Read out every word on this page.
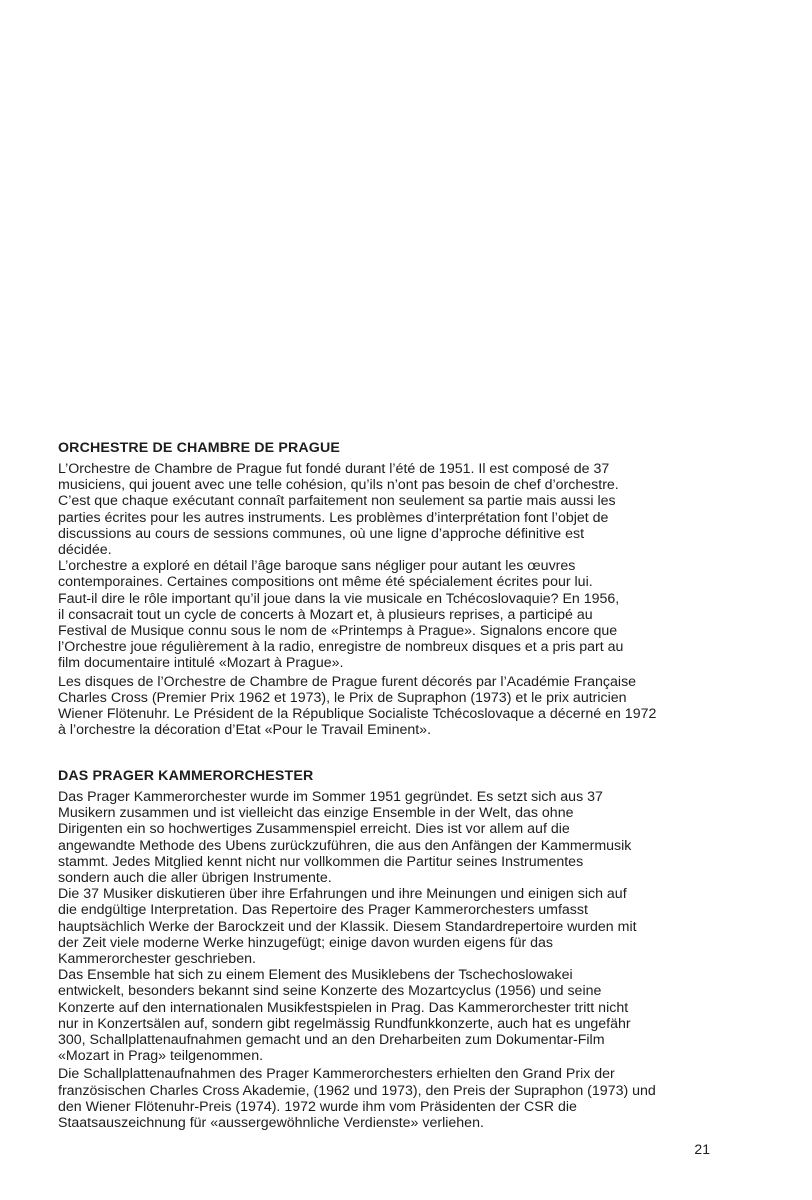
ORCHESTRE DE CHAMBRE DE PRAGUE

L’Orchestre de Chambre de Prague fut fondé durant l’été de 1951. Il est composé de 37
musiciens, qui jouent avec une telle cohésion, qu’ils n’ont pas besoin de chef d’orchestre.
C’est que chaque exécutant connaît parfaitement non seulement sa partie mais aussi les
parties écrites pour les autres instruments. Les problèmes d’interprétation font l’objet de
discussions au cours de sessions communes, où une ligne d’approche définitive est
décidée.
L’orchestre a exploré en détail l’âge baroque sans négliger pour autant les œuvres
contemporaines. Certaines compositions ont même été spécialement écrites pour lui.
Faut-il dire le rôle important qu’il joue dans la vie musicale en Tchécoslovaquie? En 1956,
il consacrait tout un cycle de concerts à Mozart et, à plusieurs reprises, a participé au
Festival de Musique connu sous le nom de «Printemps à Prague». Signalons encore que
l’Orchestre joue régulièrement à la radio, enregistre de nombreux disques et a pris part au
film documentaire intitulé «Mozart à Prague».

Les disques de l’Orchestre de Chambre de Prague furent décorés par l’Académie Française
Charles Cross (Premier Prix 1962 et 1973), le Prix de Supraphon (1973) et le prix autricien
Wiener Flötenuhr. Le Président de la République Socialiste Tchécoslovaque a décerné en 1972
à l’orchestre la décoration d’Etat «Pour le Travail Eminent».

DAS PRAGER KAMMERORCHESTER

Das Prager Kammerorchester wurde im Sommer 1951 gegründet. Es setzt sich aus 37
Musikern zusammen und ist vielleicht das einzige Ensemble in der Welt, das ohne
Dirigenten ein so hochwertiges Zusammenspiel erreicht. Dies ist vor allem auf die
angewandte Methode des Ubens zurückzuführen, die aus den Anfängen der Kammermusik
stammt. Jedes Mitglied kennt nicht nur vollkommen die Partitur seines Instrumentes
sondern auch die aller übrigen Instrumente.
Die 37 Musiker diskutieren über ihre Erfahrungen und ihre Meinungen und einigen sich auf
die endgültige Interpretation. Das Repertoire des Prager Kammerorchesters umfasst
hauptsächlich Werke der Barockzeit und der Klassik. Diesem Standardrepertoire wurden mit
der Zeit viele moderne Werke hinzugefügt; einige davon wurden eigens für das
Kammerorchester geschrieben.
Das Ensemble hat sich zu einem Element des Musiklebens der Tschechoslowakei
entwickelt, besonders bekannt sind seine Konzerte des Mozartcyclus (1956) und seine
Konzerte auf den internationalen Musikfestspielen in Prag. Das Kammerorchester tritt nicht
nur in Konzertsälen auf, sondern gibt regelmässig Rundfunkkonzerte, auch hat es ungefähr
300, Schallplattenaufnahmen gemacht und an den Dreharbeiten zum Dokumentar-Film
«Mozart in Prag» teilgenommen.

Die Schallplattenaufnahmen des Prager Kammerorchesters erhielten den Grand Prix der
französischen Charles Cross Akademie, (1962 und 1973), den Preis der Supraphon (1973) und
den Wiener Flötenuhr-Preis (1974). 1972 wurde ihm vom Präsidenten der CSR die
Staatsauszeichnung für «aussergewöhnliche Verdienste» verliehen.

21
